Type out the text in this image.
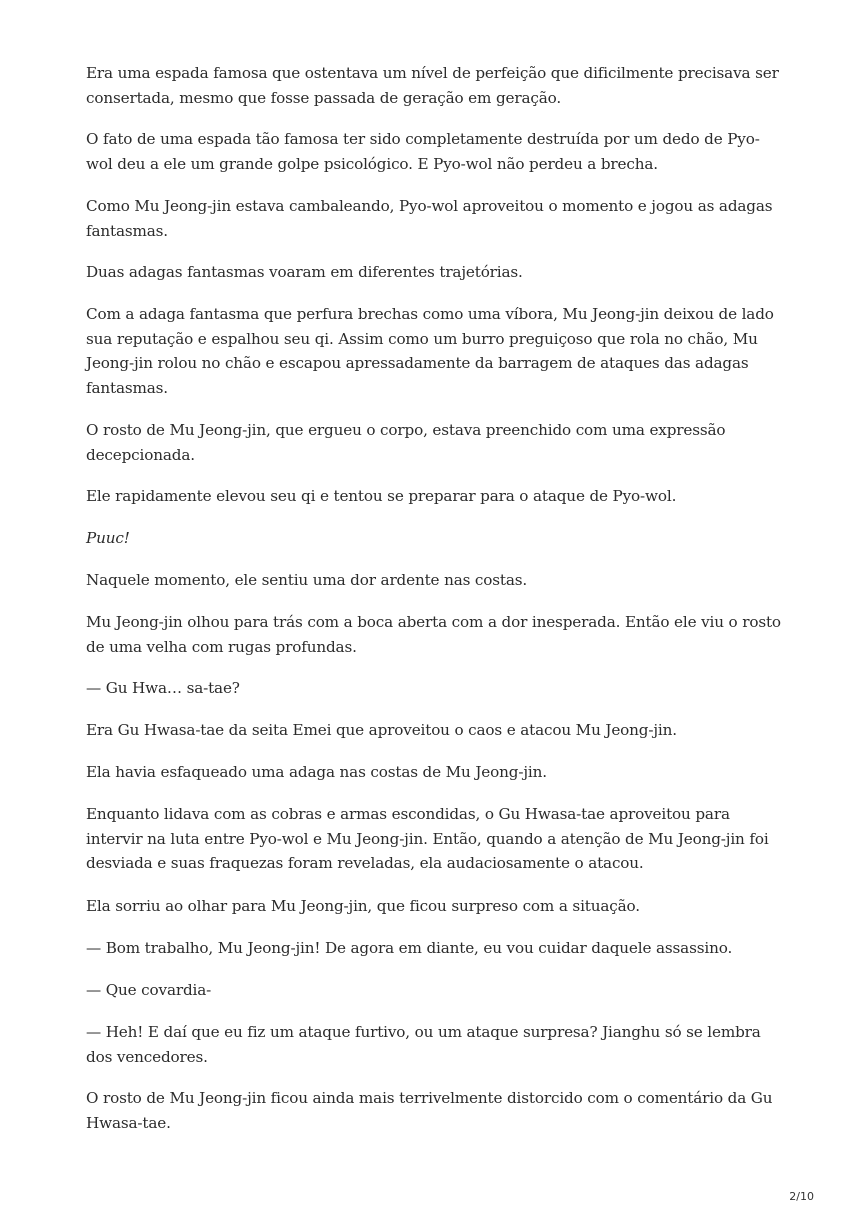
Era uma espada famosa que ostentava um nível de perfeição que dificilmente precisava ser consertada, mesmo que fosse passada de geração em geração.

O fato de uma espada tão famosa ter sido completamente destruída por um dedo de Pyo-wol deu a ele um grande golpe psicológico. E Pyo-wol não perdeu a brecha.

Como Mu Jeong-jin estava cambaleando, Pyo-wol aproveitou o momento e jogou as adagas fantasmas.

Duas adagas fantasmas voaram em diferentes trajetórias.

Com a adaga fantasma que perfura brechas como uma víbora, Mu Jeong-jin deixou de lado sua reputação e espalhou seu qi. Assim como um burro preguiçoso que rola no chão, Mu Jeong-jin rolou no chão e escapou apressadamente da barragem de ataques das adagas fantasmas.

O rosto de Mu Jeong-jin, que ergueu o corpo, estava preenchido com uma expressão decepcionada.

Ele rapidamente elevou seu qi e tentou se preparar para o ataque de Pyo-wol.

Puuc!

Naquele momento, ele sentiu uma dor ardente nas costas.

Mu Jeong-jin olhou para trás com a boca aberta com a dor inesperada. Então ele viu o rosto de uma velha com rugas profundas.

— Gu Hwa… sa-tae?

Era Gu Hwasa-tae da seita Emei que aproveitou o caos e atacou Mu Jeong-jin.

Ela havia esfaqueado uma adaga nas costas de Mu Jeong-jin.

Enquanto lidava com as cobras e armas escondidas, o Gu Hwasa-tae aproveitou para intervir na luta entre Pyo-wol e Mu Jeong-jin. Então, quando a atenção de Mu Jeong-jin foi desviada e suas fraquezas foram reveladas, ela audaciosamente o atacou.

Ela sorriu ao olhar para Mu Jeong-jin, que ficou surpreso com a situação.

— Bom trabalho, Mu Jeong-jin! De agora em diante, eu vou cuidar daquele assassino.

— Que covardia-

— Heh! E daí que eu fiz um ataque furtivo, ou um ataque surpresa? Jianghu só se lembra dos vencedores.

O rosto de Mu Jeong-jin ficou ainda mais terrivelmente distorcido com o comentário da Gu Hwasa-tae.

2/10
